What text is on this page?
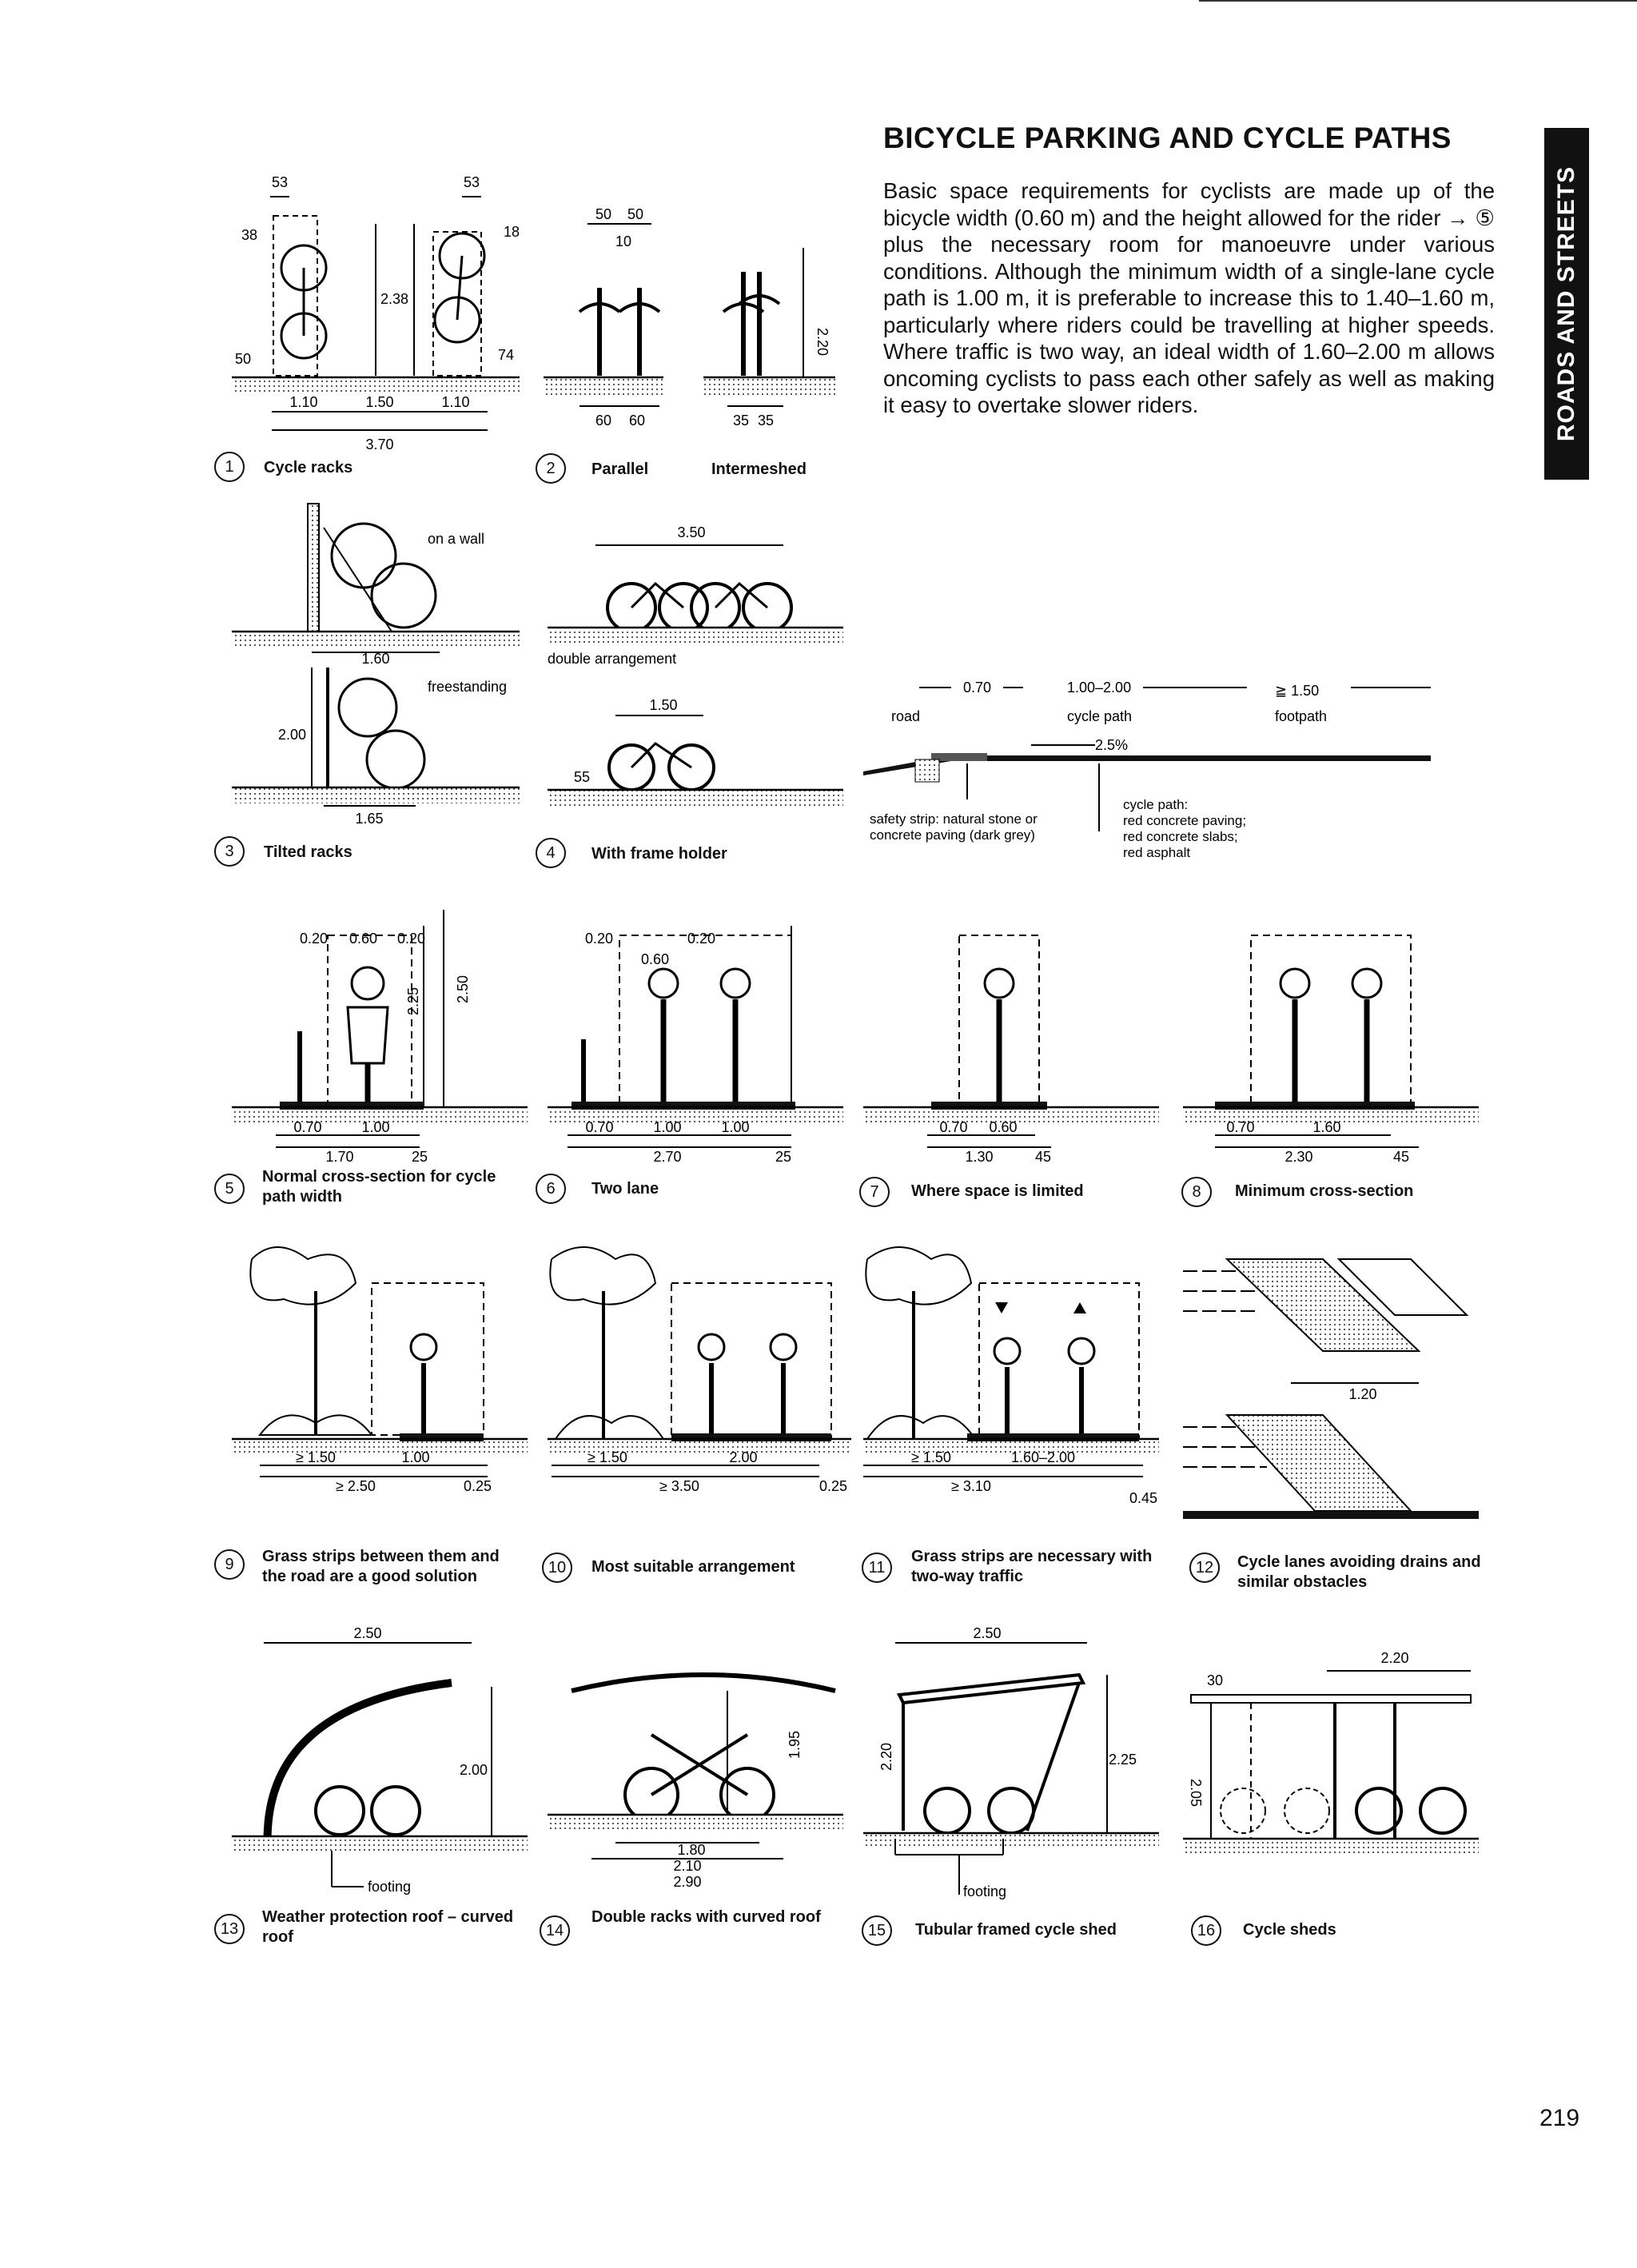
BICYCLE PARKING AND CYCLE PATHS
Basic space requirements for cyclists are made up of the bicycle width (0.60 m) and the height allowed for the rider → ⑤ plus the necessary room for manoeuvre under various conditions. Although the minimum width of a single-lane cycle path is 1.00 m, it is preferable to increase this to 1.40–1.60 m, particularly where riders could be travelling at higher speeds. Where traffic is two way, an ideal width of 1.60–2.00 m allows oncoming cyclists to pass each other safely as well as making it easy to overtake slower riders.	ROADS AND STREETS
53	53
38	18
2.38
50	74
1.10	1.50	1.10
3.70
1	Cycle racks
50 50
10
2.20
60 60	35 35
2	Parallel	Intermeshed
on a wall
1.60
freestanding
2.00
1.65
3	Tilted racks
3.50
double arrangement
1.50
55
4	With frame holder
0.70	1.00–2.00	≧ 1.50
road	cycle path	footpath
2.5%
safety strip: natural stone or concrete paving (dark grey)
cycle path: red concrete paving; red concrete slabs; red asphalt
0.20 0.60 0.20
2.25 2.50
0.70	1.00
1.70	25
5
Normal cross-section for cycle path width
0.20	0.20
0.60
0.70	1.00	1.00
2.70	25
6	Two lane
0.70 0.60
1.30	45
7	Where space is limited
0.70	1.60
2.30	45
8	Minimum cross-section
≥ 1.50	1.00
≥ 2.50	0.25
9	Grass strips between them and the road are a good solution
≥ 1.50	2.00
≥ 3.50	0.25
10	Most suitable arrangement
≥ 1.50	1.60–2.00
≥ 3.10
0.45
11
Grass strips are necessary with two-way traffic
1.20
12	Cycle lanes avoiding drains and similar obstacles
2.50
2.00
footing
13
Weather protection roof – curved roof
1.95
1.80
2.10
2.90
14
Double racks with curved roof
2.50
2.25
2.20
footing
15	Tubular framed cycle shed
2.20
30
2.05
16	Cycle sheds
219
